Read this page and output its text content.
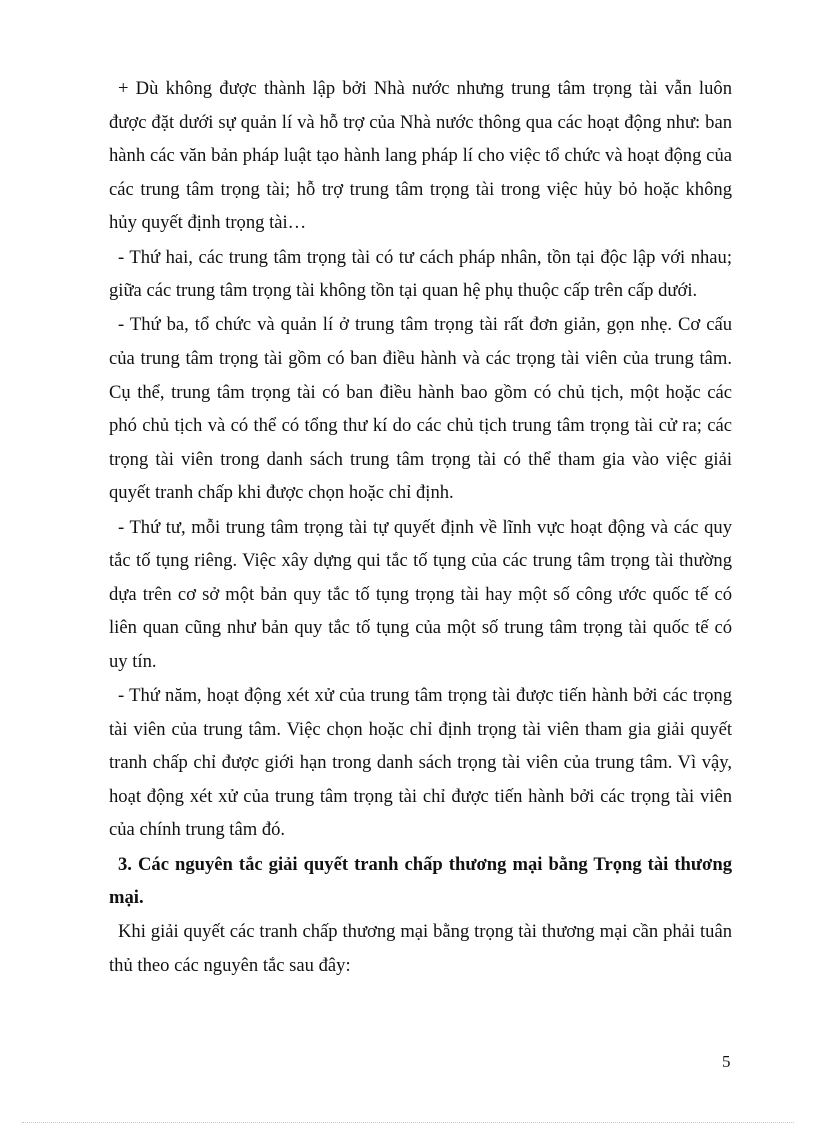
+ Dù không được thành lập bởi Nhà nước nhưng trung tâm trọng tài vẫn luôn được đặt dưới sự quản lí và hỗ trợ của Nhà nước thông qua các hoạt động như: ban hành các văn bản pháp luật tạo hành lang pháp lí cho việc tổ chức và hoạt động của các trung tâm trọng tài; hỗ trợ trung tâm trọng tài trong việc hủy bỏ hoặc không hủy quyết định trọng tài…

- Thứ hai, các trung tâm trọng tài có tư cách pháp nhân, tồn tại độc lập với nhau; giữa các trung tâm trọng tài không tồn tại quan hệ phụ thuộc cấp trên cấp dưới.

- Thứ ba, tổ chức và quản lí ở trung tâm trọng tài rất đơn giản, gọn nhẹ. Cơ cấu của trung tâm trọng tài gồm có ban điều hành và các trọng tài viên của trung tâm. Cụ thể, trung tâm trọng tài có ban điều hành bao gồm có chủ tịch, một hoặc các phó chủ tịch và có thể có tổng thư kí do các chủ tịch trung tâm trọng tài cử ra; các trọng tài viên trong danh sách trung tâm trọng tài có thể tham gia vào việc giải quyết tranh chấp khi được chọn hoặc chỉ định.

- Thứ tư, mỗi trung tâm trọng tài tự quyết định về lĩnh vực hoạt động và các quy tắc tố tụng riêng. Việc xây dựng qui tắc tố tụng của các trung tâm trọng tài thường dựa trên cơ sở một bản quy tắc tố tụng trọng tài hay một số công ước quốc tế có liên quan cũng như bản quy tắc tố tụng của một số trung tâm trọng tài quốc tế có uy tín.

- Thứ năm, hoạt động xét xử của trung tâm trọng tài được tiến hành bởi các trọng tài viên của trung tâm. Việc chọn hoặc chỉ định trọng tài viên tham gia giải quyết tranh chấp chỉ được giới hạn trong danh sách trọng tài viên của trung tâm. Vì vậy, hoạt động xét xử của trung tâm trọng tài chỉ được tiến hành bởi các trọng tài viên của chính trung tâm đó.

3. Các nguyên tắc giải quyết tranh chấp thương mại bằng Trọng tài thương mại.

Khi giải quyết các tranh chấp thương mại bằng trọng tài thương mại cần phải tuân thủ theo các nguyên tắc sau đây:

5
